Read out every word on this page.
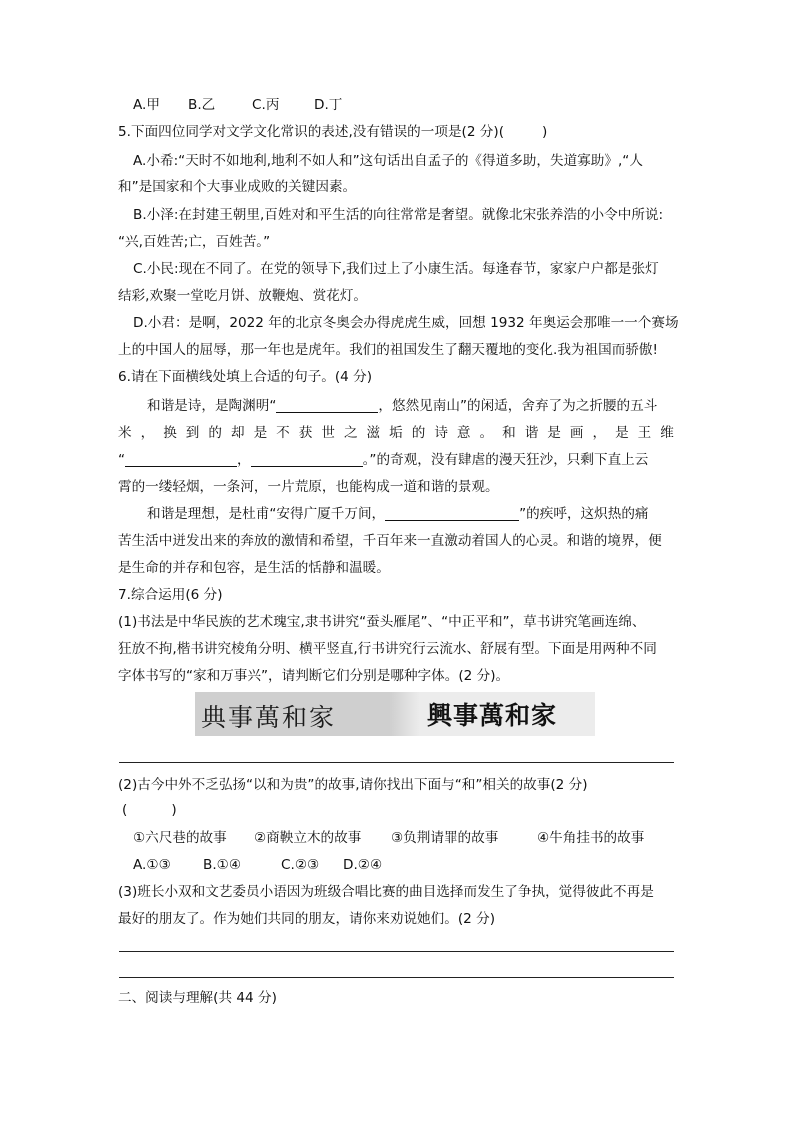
A.甲 B.乙	C.丙	D.丁
5.下面四位同学对文学文化常识的表述,没有错误的一项是(2 分)(	)
A.小希:“天时不如地利,地利不如人和”这句话出自孟子的《得道多助，失道寡助》,“人
和”是国家和个大事业成败的关键因素。
B.小泽:在封建王朝里,百姓对和平生活的向往常常是奢望。就像北宋张养浩的小令中所说:
“兴,百姓苦;亡，百姓苦。”
C.小民:现在不同了。在党的领导下,我们过上了小康生活。每逢春节，家家户户都是张灯
结彩,欢聚一堂吃月饼、放鞭炮、赏花灯。
D.小君：是啊，2022 年的北京冬奥会办得虎虎生威，回想 1932 年奥运会那唯一一个赛场
上的中国人的屈辱，那一年也是虎年。我们的祖国发生了翻天覆地的变化.我为祖国而骄傲!
6.请在下面横线处填上合适的句子。(4 分)
和谐是诗，是陶渊明“	，悠然见南山”的闲适，舍弃了为之折腰的五斗
米 ， 换 到 的 却 是 不 获 世 之 滋 垢 的 诗 意 。 和 谐 是 画 ， 是 王 维
“	，	。”的奇观，没有肆虐的漫天狂沙，只剩下直上云
霄的一缕轻烟，一条河，一片荒原，也能构成一道和谐的景观。
和谐是理想，是杜甫“安得广厦千万间，	”的疾呼，这炽热的痛
苦生活中迸发出来的奔放的激情和希望，千百年来一直激动着国人的心灵。和谐的境界，便
是生命的并存和包容，是生活的恬静和温暖。
7.综合运用(6 分)
(1)书法是中华民族的艺术瑰宝,隶书讲究“蚕头雁尾”、“中正平和”，草书讲究笔画连绵、
狂放不拘,楷书讲究棱角分明、横平竖直,行书讲究行云流水、舒展有型。下面是用两种不同
字体书写的“家和万事兴”，请判断它们分别是哪种字体。(2 分)。
典事萬和家	興事萬和家
(2)古今中外不乏弘扬“以和为贵”的故事,请你找出下面与“和”相关的故事(2 分)
(	)
①六尺巷的故事 ②商鞅立木的故事 ③负荆请罪的故事	④牛角挂书的故事
A.①③ B.①④	C.②③ D.②④
(3)班长小双和文艺委员小语因为班级合唱比赛的曲目选择而发生了争执，觉得彼此不再是
最好的朋友了。作为她们共同的朋友，请你来劝说她们。(2 分)
二、阅读与理解(共 44 分)
